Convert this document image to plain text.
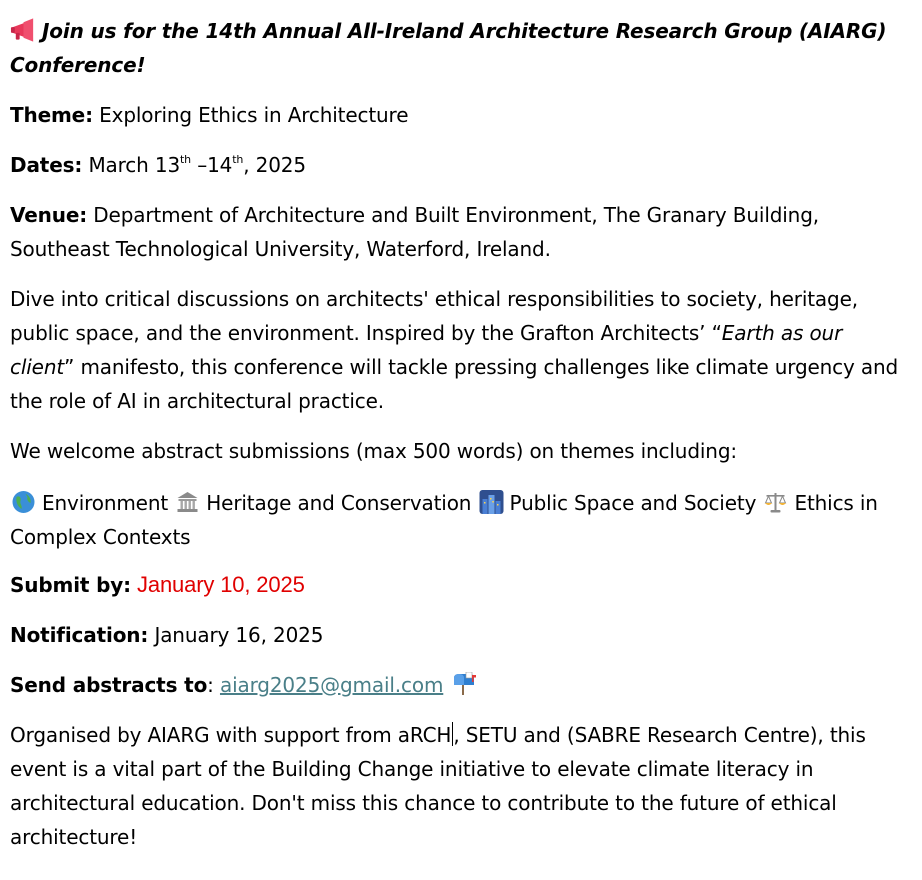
Join us for the 14th Annual All-Ireland Architecture Research Group (AIARG) Conference!

Theme: Exploring Ethics in Architecture

Dates: March 13th –14th, 2025

Venue: Department of Architecture and Built Environment, The Granary Building, Southeast Technological University, Waterford, Ireland.

Dive into critical discussions on architects' ethical responsibilities to society, heritage, public space, and the environment. Inspired by the Grafton Architects’ “Earth as our client” manifesto, this conference will tackle pressing challenges like climate urgency and the role of AI in architectural practice.

We welcome abstract submissions (max 500 words) on themes including:

Environment Heritage and Conservation Public Space and Society Ethics in Complex Contexts

Submit by: January 10, 2025

Notification: January 16, 2025

Send abstracts to: aiarg2025@gmail.com

Organised by AIARG with support from aRCH , SETU and (SABRE Research Centre), this event is a vital part of the Building Change initiative to elevate climate literacy in architectural education. Don't miss this chance to contribute to the future of ethical architecture!
